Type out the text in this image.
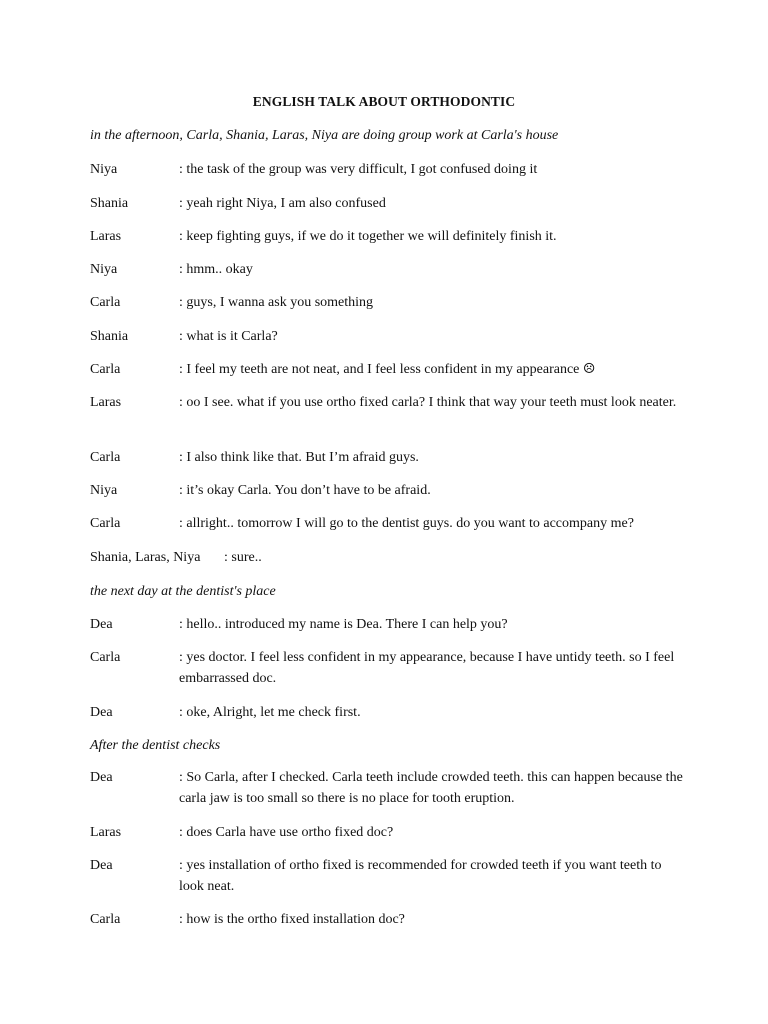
ENGLISH TALK ABOUT ORTHODONTIC
in the afternoon, Carla, Shania, Laras, Niya are doing group work at Carla's house
Niya	: the task of the group was very difficult, I got confused doing it
Shania	: yeah right Niya, I am also confused
Laras	: keep fighting guys, if we do it together we will definitely finish it.
Niya	: hmm.. okay
Carla	: guys, I wanna ask you something
Shania	: what is it Carla?
Carla	: I feel my teeth are not neat, and I feel less confident in my appearance ☹
Laras	: oo I see. what if you use ortho fixed carla? I think that way your teeth must look neater.
Carla	: I also think like that. But I’m afraid guys.
Niya	: it’s okay Carla. You don’t have to be afraid.
Carla	: allright.. tomorrow I will go to the dentist guys. do you want to accompany me?
Shania, Laras, Niya : sure..
the next day at the dentist's place
Dea	: hello.. introduced my name is Dea. There I can help you?
Carla	: yes doctor. I feel less confident in my appearance, because I have untidy teeth. so I feel embarrassed doc.
Dea	: oke, Alright, let me check first.
After the dentist checks
Dea	: So Carla, after I checked. Carla teeth include crowded teeth. this can happen because the carla jaw is too small so there is no place for tooth eruption.
Laras	: does Carla have use ortho fixed doc?
Dea	: yes installation of ortho fixed is recommended for crowded teeth if you want teeth to look neat.
Carla	: how is the ortho fixed installation doc?
